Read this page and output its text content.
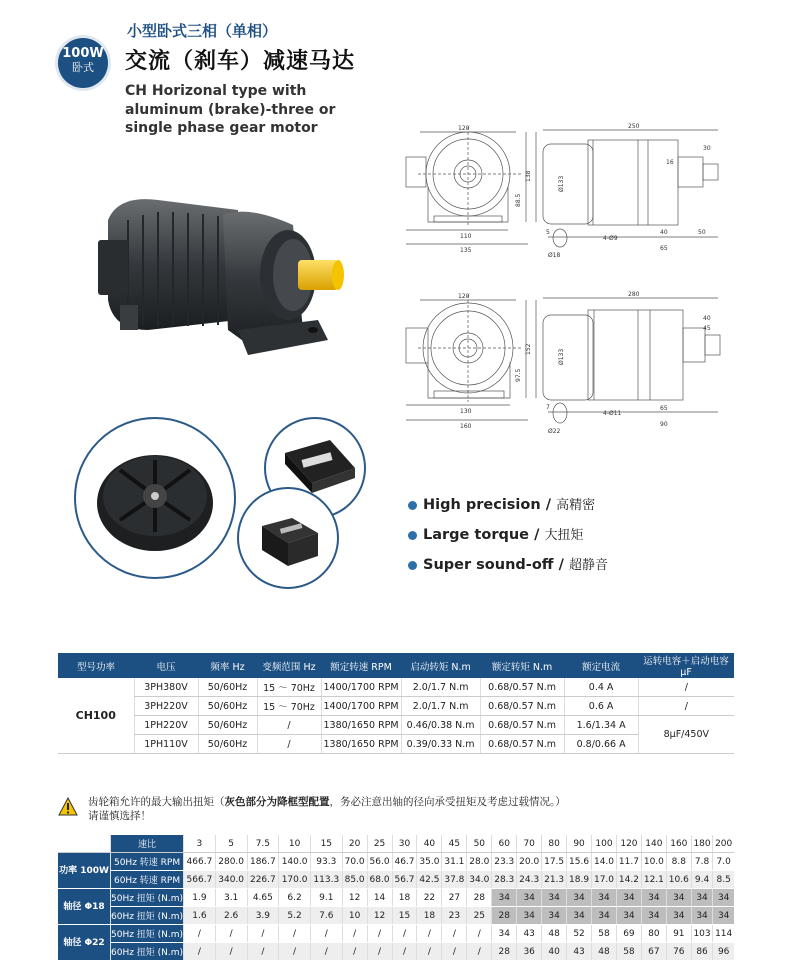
100W
卧式
小型卧式三相（单相）
交流（刹车）减速马达
CH Horizonal type with aluminum (brake)-three or single phase gear motor	120	250
138
88.5
110
135
40
65
50
16
30
Ø18
Ø133
4-Ø9
5
120	280
152
97.5
130
160
65
90
40
45
Ø22
Ø133
4-Ø11
7
High precision / 高精密
Large torque / 大扭矩
Super sound-off / 超静音
型号功率	电压	频率 Hz	变频范围 Hz	额定转速 RPM	启动转矩 N.m	额定转矩 N.m	额定电流	运转电容＋启动电容 μF
CH100	3PH380V	50/60Hz	15 ～ 70Hz	1400/1700 RPM	2.0/1.7 N.m	0.68/0.57 N.m	0.4 A	/
	3PH220V	50/60Hz	15 ～ 70Hz	1400/1700 RPM	2.0/1.7 N.m	0.68/0.57 N.m	0.6 A	/
	1PH220V	50/60Hz	/	1380/1650 RPM	0.46/0.38 N.m	0.68/0.57 N.m	1.6/1.34 A	8μF/450V
	1PH110V	50/60Hz	/	1380/1650 RPM	0.39/0.33 N.m	0.68/0.57 N.m	0.8/0.66 A	
齿轮箱允许的最大输出扭矩（灰色部分为降框型配置，务必注意出轴的径向承受扭矩及考虑过载情况。）
请谨慎选择！
	速比	3	5	7.5	10	15	20	25	30	40	45	50	60	70	80	90	100	120	140	160	180	200
功率 100W	50Hz 转速 RPM	466.7	280.0	186.7	140.0	93.3	70.0	56.0	46.7	35.0	31.1	28.0	23.3	20.0	17.5	15.6	14.0	11.7	10.0	8.8	7.8	7.0
	60Hz 转速 RPM	566.7	340.0	226.7	170.0	113.3	85.0	68.0	56.7	42.5	37.8	34.0	28.3	24.3	21.3	18.9	17.0	14.2	12.1	10.6	9.4	8.5
轴径 Φ18	50Hz 扭矩 (N.m)	1.9	3.1	4.65	6.2	9.1	12	14	18	22	27	28	34	34	34	34	34	34	34	34	34	34
	60Hz 扭矩 (N.m)	1.6	2.6	3.9	5.2	7.6	10	12	15	18	23	25	28	34	34	34	34	34	34	34	34	34
轴径 Φ22	50Hz 扭矩 (N.m)	/	/	/	/	/	/	/	/	/	/	/	34	43	48	52	58	69	80	91	103	114
	60Hz 扭矩 (N.m)	/	/	/	/	/	/	/	/	/	/	/	28	36	40	43	48	58	67	76	86	96
